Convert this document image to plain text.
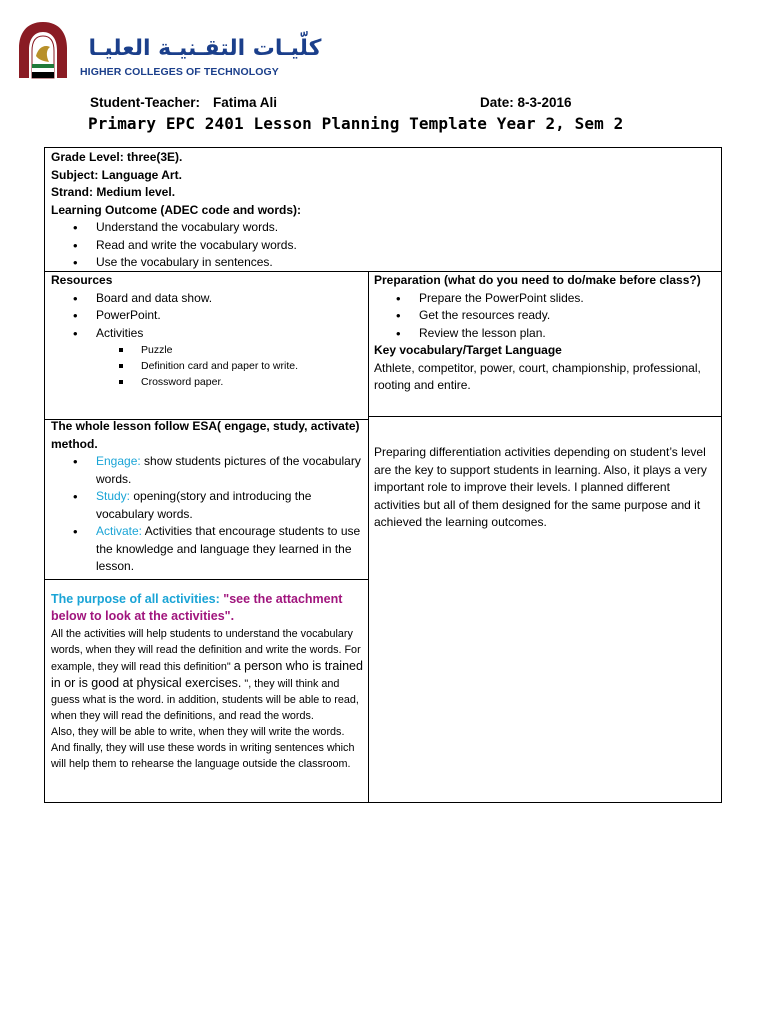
كلّيـات التقـنيـة العليـا
HIGHER COLLEGES OF TECHNOLOGY
Student-Teacher: Fatima Ali	Date: 8-3-2016
Primary EPC 2401 Lesson Planning Template Year 2, Sem 2
Grade Level: three(3E).
Subject: Language Art.
Strand: Medium level.
Learning Outcome (ADEC code and words):
• Understand the vocabulary words.
• Read and write the vocabulary words.
• Use the vocabulary in sentences.
Resources
• Board and data show.
• PowerPoint.
• Activities
Puzzle
Definition card and paper to write.
Crossword paper.
Preparation (what do you need to do/make before class?)
• Prepare the PowerPoint slides.
• Get the resources ready.
• Review the lesson plan.
Key vocabulary/Target Language
Athlete, competitor, power, court, championship, professional, rooting and entire.
The whole lesson follow ESA( engage, study, activate) method.
• Engage: show students pictures of the vocabulary words.
• Study: opening(story and introducing the vocabulary words.
• Activate: Activities that encourage students to use the knowledge and language they learned in the lesson.
Preparing differentiation activities depending on student’s level are the key to support students in learning. Also, it plays a very important role to improve their levels. I planned different activities but all of them designed for the same purpose and it achieved the learning outcomes.
The purpose of all activities: "see the attachment below to look at the activities".
All the activities will help students to understand the vocabulary words, when they will read the definition and write the words. For example, they will read this definition" a person who is trained in or is good at physical exercises. ", they will think and guess what is the word. in addition, students will be able to read, when they will read the definitions, and read the words.
Also, they will be able to write, when they will write the words. And finally, they will use these words in writing sentences which will help them to rehearse the language outside the classroom.
